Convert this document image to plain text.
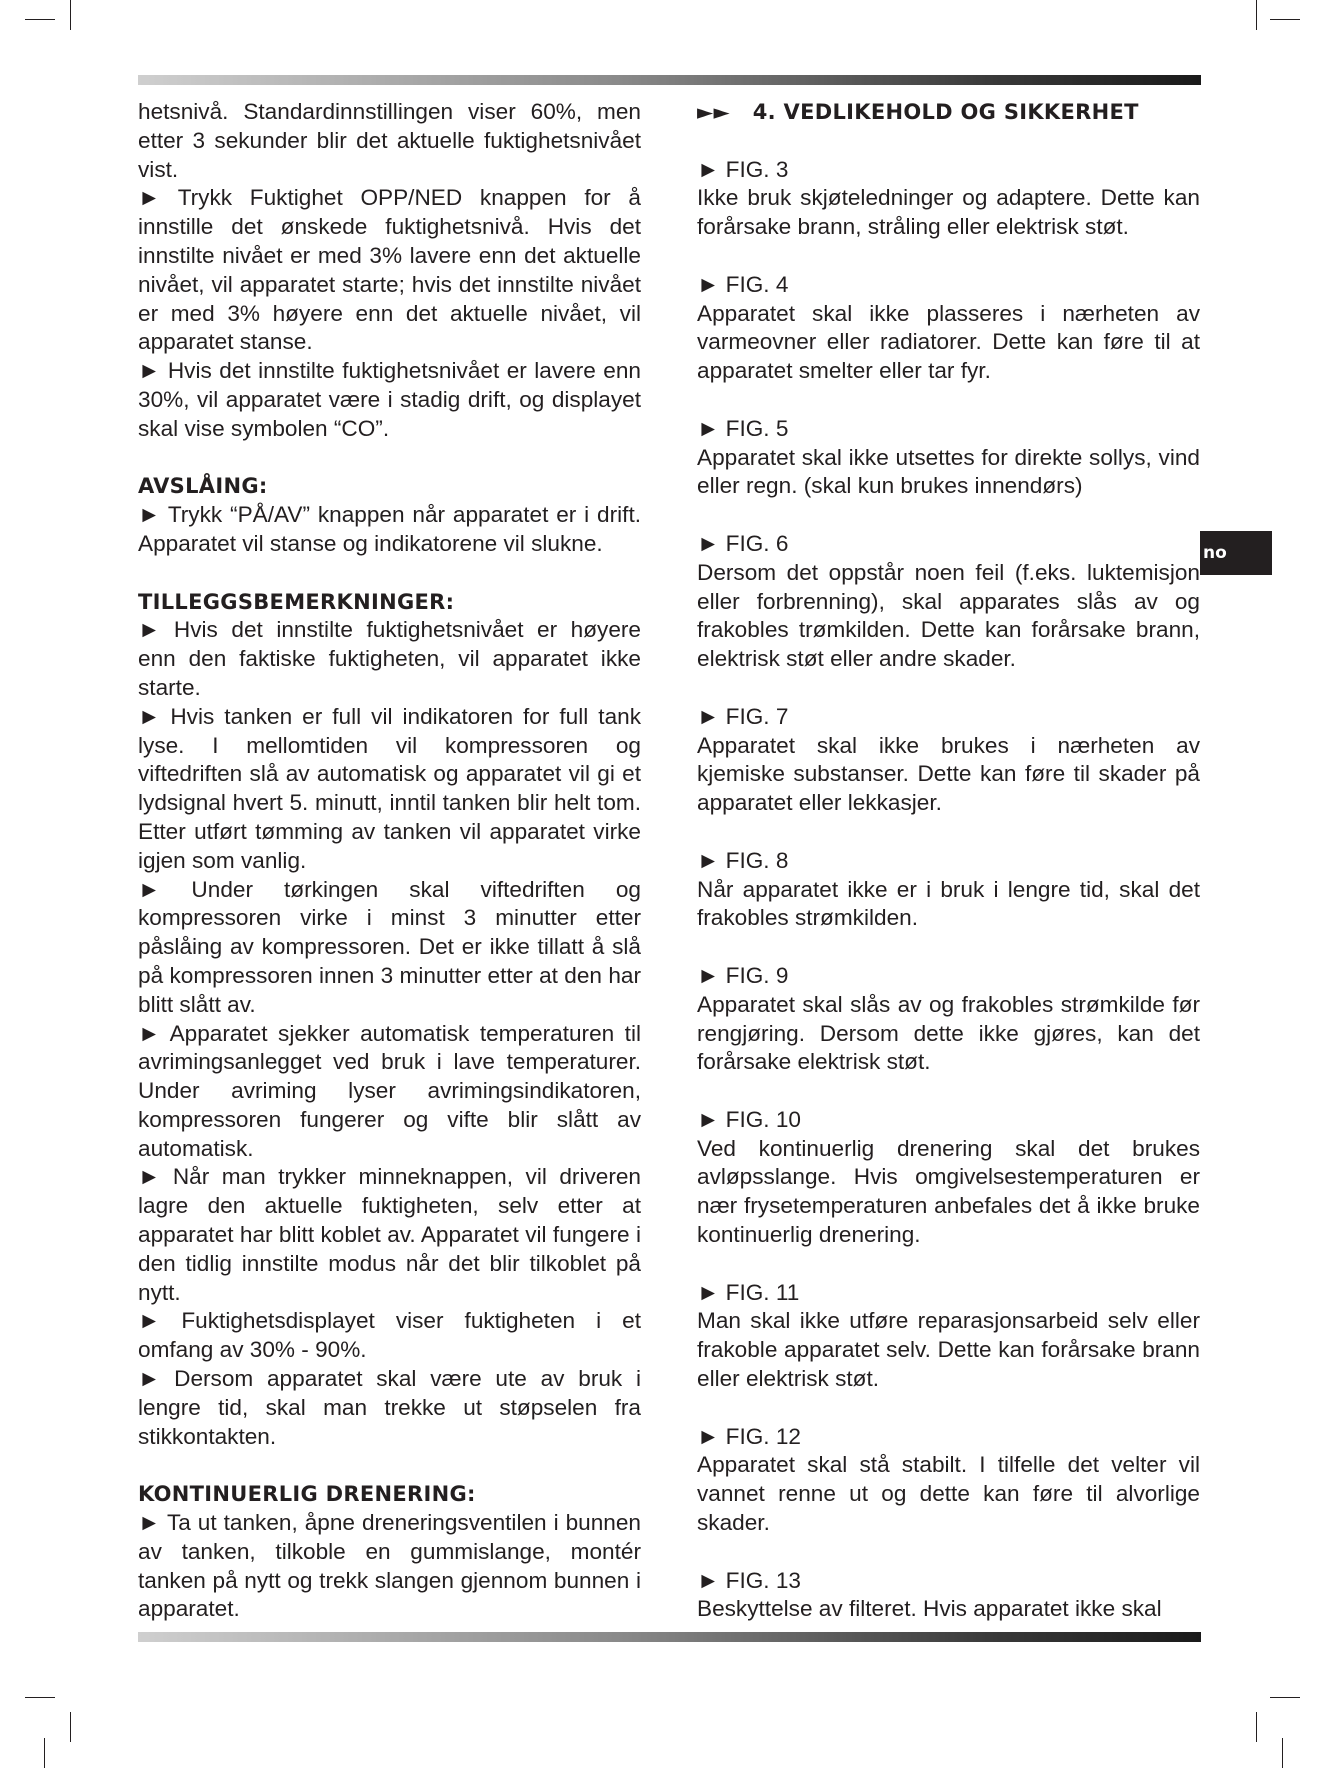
no

hetsnivå. Standardinnstillingen viser 60%, men etter 3 sekunder blir det aktuelle fuktighetsnivået vist.

► Trykk Fuktighet OPP/NED knappen for å innstille det ønskede fuktighetsnivå. Hvis det innstilte nivået er med 3% lavere enn det aktuelle nivået, vil apparatet starte; hvis det innstilte nivået er med 3% høyere enn det aktuelle nivået, vil apparatet stanse.

► Hvis det innstilte fuktighetsnivået er lavere enn 30%, vil apparatet være i stadig drift, og displayet skal vise symbolen “CO”.

AVSLÅING:

► Trykk “PÅ/AV” knappen når apparatet er i drift. Apparatet vil stanse og indikatorene vil slukne.

TILLEGGSBEMERKNINGER:

► Hvis det innstilte fuktighetsnivået er høyere enn den faktiske fuktigheten, vil apparatet ikke starte.

► Hvis tanken er full vil indikatoren for full tank lyse. I mellomtiden vil kompressoren og viftedriften slå av automatisk og apparatet vil gi et lydsignal hvert 5. minutt, inntil tanken blir helt tom. Etter utført tømming av tanken vil apparatet virke igjen som vanlig.

► Under tørkingen skal viftedriften og kompressoren virke i minst 3 minutter etter påslåing av kompressoren. Det er ikke tillatt å slå på kompressoren innen 3 minutter etter at den har blitt slått av.

► Apparatet sjekker automatisk temperaturen til avrimingsanlegget ved bruk i lave temperaturer. Under avriming lyser avrimingsindikatoren, kompressoren fungerer og vifte blir slått av automatisk.

► Når man trykker minneknappen, vil driveren lagre den aktuelle fuktigheten, selv etter at apparatet har blitt koblet av. Apparatet vil fungere i den tidlig innstilte modus når det blir tilkoblet på nytt.

► Fuktighetsdisplayet viser fuktigheten i et omfang av 30% - 90%.

► Dersom apparatet skal være ute av bruk i lengre tid, skal man trekke ut støpselen fra stikkontakten.

KONTINUERLIG DRENERING:

► Ta ut tanken, åpne dreneringsventilen i bunnen av tanken, tilkoble en gummislange, montér tanken på nytt og trekk slangen gjennom bunnen i apparatet.

►►   4. VEDLIKEHOLD OG SIKKERHET

► FIG. 3

Ikke bruk skjøteledninger og adaptere. Dette kan forårsake brann, stråling eller elektrisk støt.

► FIG. 4

Apparatet skal ikke plasseres i nærheten av varmeovner eller radiatorer. Dette kan føre til at apparatet smelter eller tar fyr.

► FIG. 5

Apparatet skal ikke utsettes for direkte sollys, vind eller regn. (skal kun brukes innendørs)

► FIG. 6

Dersom det oppstår noen feil (f.eks. luktemisjon eller forbrenning), skal apparates slås av og frakobles trømkilden. Dette kan forårsake brann, elektrisk støt eller andre skader.

► FIG. 7

Apparatet skal ikke brukes i nærheten av kjemiske substanser. Dette kan føre til skader på apparatet eller lekkasjer.

► FIG. 8

Når apparatet ikke er i bruk i lengre tid, skal det frakobles strømkilden.

► FIG. 9

Apparatet skal slås av og frakobles strømkilde før rengjøring. Dersom dette ikke gjøres, kan det forårsake elektrisk støt.

► FIG. 10

Ved kontinuerlig drenering skal det brukes avløpsslange. Hvis omgivelsestemperaturen er nær frysetemperaturen anbefales det å ikke bruke kontinuerlig drenering.

► FIG. 11

Man skal ikke utføre reparasjonsarbeid selv eller frakoble apparatet selv. Dette kan forårsake brann eller elektrisk støt.

► FIG. 12

Apparatet skal stå stabilt. I tilfelle det velter vil vannet renne ut og dette kan føre til alvorlige skader.

► FIG. 13

Beskyttelse av filteret. Hvis apparatet ikke skal
